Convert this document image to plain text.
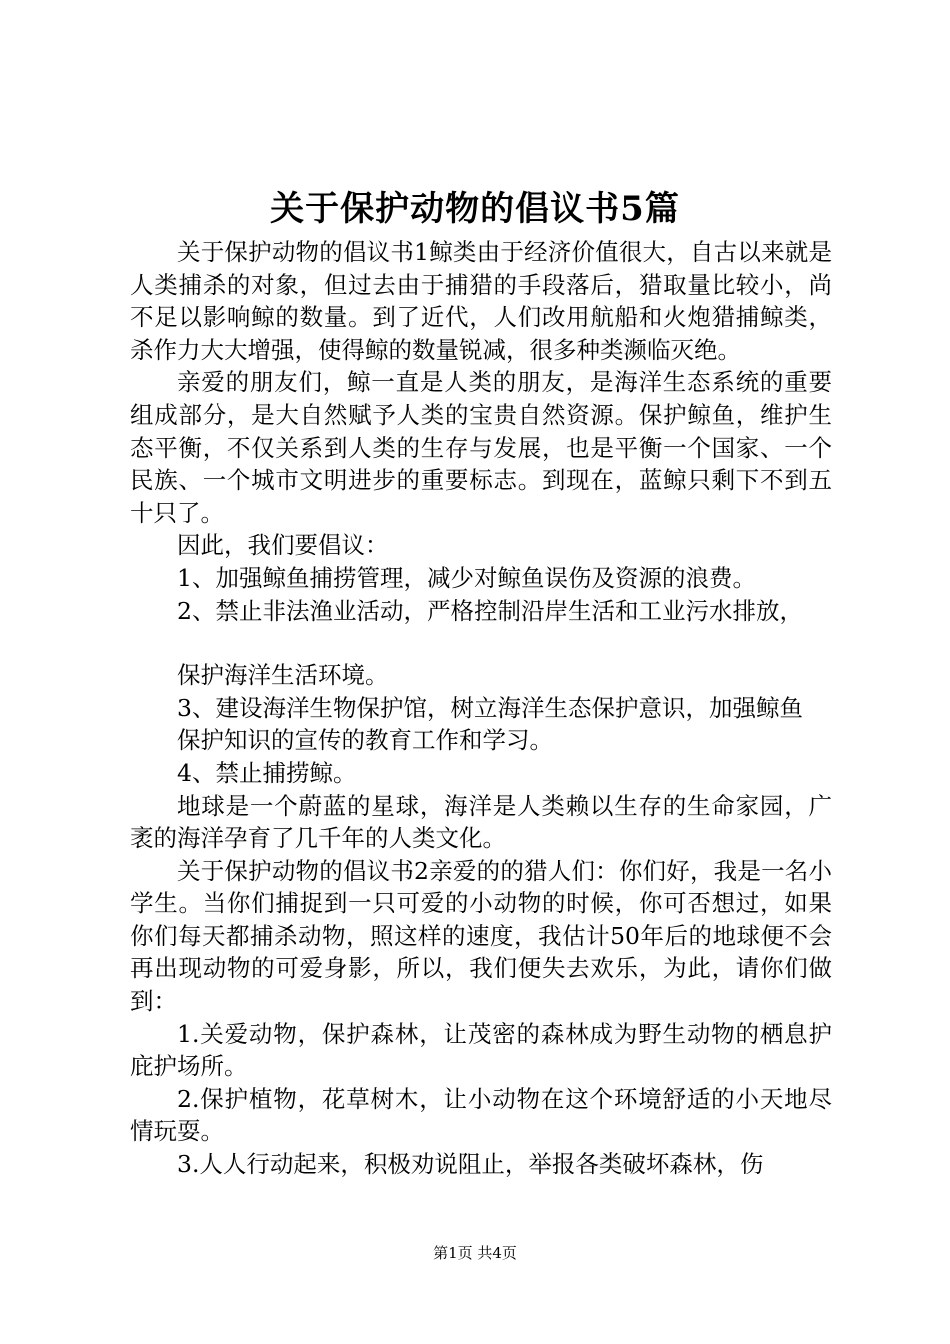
关于保护动物的倡议书5篇

关于保护动物的倡议书1鲸类由于经济价值很大，自古以来就是人类捕杀的对象，但过去由于捕猎的手段落后，猎取量比较小，尚不足以影响鲸的数量。到了近代，人们改用航船和火炮猎捕鲸类，杀作力大大增强，使得鲸的数量锐减，很多种类濒临灭绝。

亲爱的朋友们，鲸一直是人类的朋友，是海洋生态系统的重要组成部分，是大自然赋予人类的宝贵自然资源。保护鲸鱼，维护生态平衡，不仅关系到人类的生存与发展，也是平衡一个国家、一个民族、一个城市文明进步的重要标志。到现在，蓝鲸只剩下不到五十只了。

因此，我们要倡议：

1、加强鲸鱼捕捞管理，减少对鲸鱼误伤及资源的浪费。

2、禁止非法渔业活动，严格控制沿岸生活和工业污水排放，

保护海洋生活环境。

3、建设海洋生物保护馆，树立海洋生态保护意识，加强鲸鱼

保护知识的宣传的教育工作和学习。

4、禁止捕捞鲸。

地球是一个蔚蓝的星球，海洋是人类赖以生存的生命家园，广袤的海洋孕育了几千年的人类文化。

关于保护动物的倡议书2亲爱的的猎人们：你们好，我是一名小学生。当你们捕捉到一只可爱的小动物的时候，你可否想过，如果你们每天都捕杀动物，照这样的速度，我估计50年后的地球便不会再出现动物的可爱身影，所以，我们便失去欢乐，为此，请你们做到：

1.关爱动物，保护森林，让茂密的森林成为野生动物的栖息护庇护场所。

2.保护植物，花草树木，让小动物在这个环境舒适的小天地尽情玩耍。

3.人人行动起来，积极劝说阻止，举报各类破坏森林，伤

第1页 共4页
